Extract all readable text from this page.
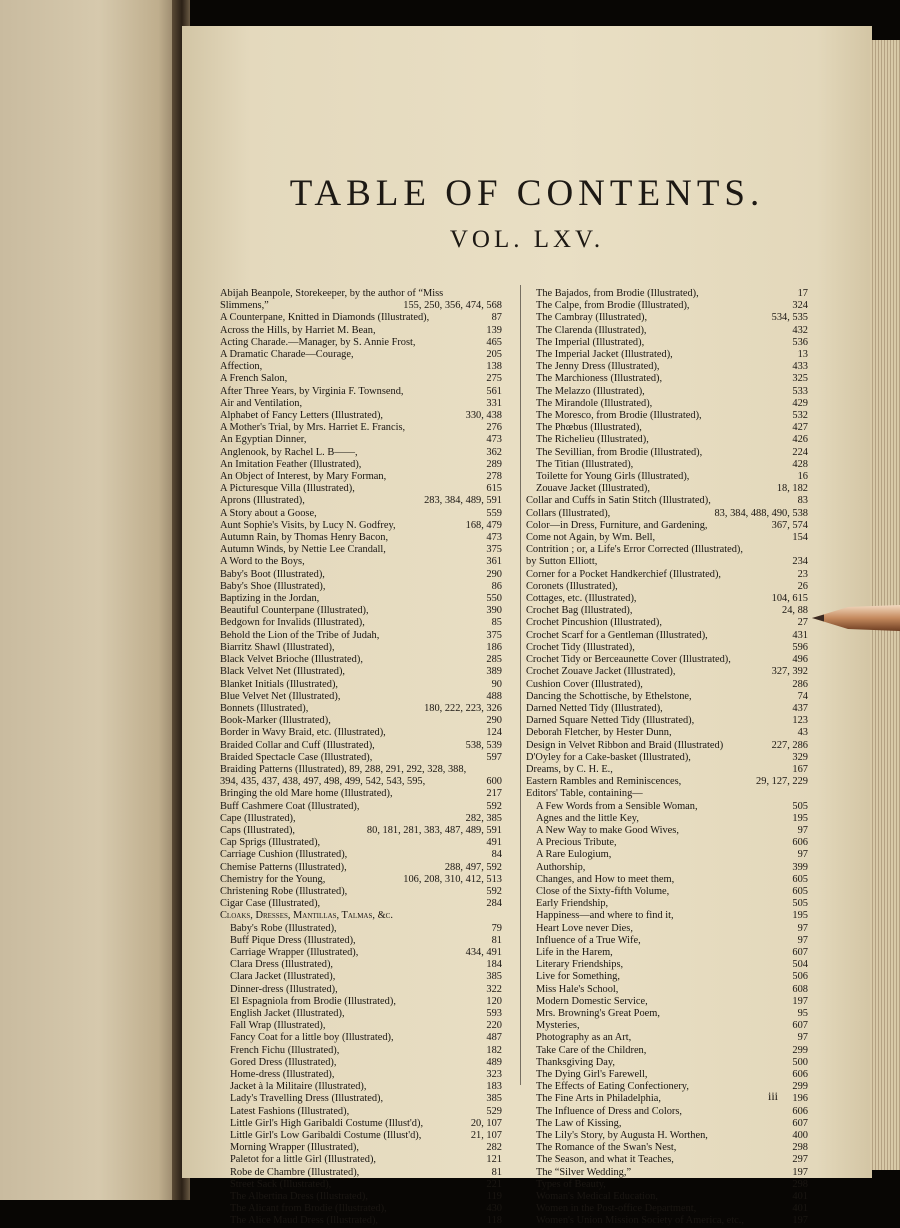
TABLE OF CONTENTS.
VOL. LXV.
Abijah Beanpole, Storekeeper, by the author of “Miss
Slimmens,”	155, 250, 356, 474, 568
A Counterpane, Knitted in Diamonds (Illustrated),	87
Across the Hills, by Harriet M. Bean,	139
Acting Charade.—Manager, by S. Annie Frost,	465
A Dramatic Charade—Courage,	205
Affection,	138
A French Salon,	275
After Three Years, by Virginia F. Townsend,	561
Air and Ventilation,	331
Alphabet of Fancy Letters (Illustrated),	330, 438
A Mother's Trial, by Mrs. Harriet E. Francis,	276
An Egyptian Dinner,	473
Anglenook, by Rachel L. B——,	362
An Imitation Feather (Illustrated),	289
An Object of Interest, by Mary Forman,	278
A Picturesque Villa (Illustrated),	615
Aprons (Illustrated),	283, 384, 489, 591
A Story about a Goose,	559
Aunt Sophie's Visits, by Lucy N. Godfrey,	168, 479
Autumn Rain, by Thomas Henry Bacon,	473
Autumn Winds, by Nettie Lee Crandall,	375
A Word to the Boys,	361
Baby's Boot (Illustrated),	290
Baby's Shoe (Illustrated),	86
Baptizing in the Jordan,	550
Beautiful Counterpane (Illustrated),	390
Bedgown for Invalids (Illustrated),	85
Behold the Lion of the Tribe of Judah,	375
Biarritz Shawl (Illustrated),	186
Black Velvet Brioche (Illustrated),	285
Black Velvet Net (Illustrated),	389
Blanket Initials (Illustrated),	90
Blue Velvet Net (Illustrated),	488
Bonnets (Illustrated),	180, 222, 223, 326
Book-Marker (Illustrated),	290
Border in Wavy Braid, etc. (Illustrated),	124
Braided Collar and Cuff (Illustrated),	538, 539
Braided Spectacle Case (Illustrated),	597
Braiding Patterns (Illustrated), 89, 288, 291, 292, 328, 388,
394, 435, 437, 438, 497, 498, 499, 542, 543, 595,	600
Bringing the old Mare home (Illustrated),	217
Buff Cashmere Coat (Illustrated),	592
Cape (Illustrated),	282, 385
Caps (Illustrated),	80, 181, 281, 383, 487, 489, 591
Cap Sprigs (Illustrated),	491
Carriage Cushion (Illustrated),	84
Chemise Patterns (Illustrated),	288, 497, 592
Chemistry for the Young,	106, 208, 310, 412, 513
Christening Robe (Illustrated),	592
Cigar Case (Illustrated),	284
Cloaks, Dresses, Mantillas, Talmas, &c.
Baby's Robe (Illustrated),	79
Buff Pique Dress (Illustrated),	81
Carriage Wrapper (Illustrated),	434, 491
Clara Dress (Illustrated),	184
Clara Jacket (Illustrated),	385
Dinner-dress (Illustrated),	322
El Espagniola from Brodie (Illustrated),	120
English Jacket (Illustrated),	593
Fall Wrap (Illustrated),	220
Fancy Coat for a little boy (Illustrated),	487
French Fichu (Illustrated),	182
Gored Dress (Illustrated),	489
Home-dress (Illustrated),	323
Jacket à la Militaire (Illustrated),	183
Lady's Travelling Dress (Illustrated),	385
Latest Fashions (Illustrated),	529
Little Girl's High Garibaldi Costume (Illust'd),	20, 107
Little Girl's Low Garibaldi Costume (Illust'd),	21, 107
Morning Wrapper (Illustrated),	282
Paletot for a little Girl (Illustrated),	121
Robe de Chambre (Illustrated),	81
Street Sack (Illustrated),	221
The Albertina Dress (Illustrated),	119
The Alicant from Brodie (Illustrated),	430
The Alice Maud Dress (Illustrated),	118
The Bajados, from Brodie (Illustrated),	17
The Calpe, from Brodie (Illustrated),	324
The Cambray (Illustrated),	534, 535
The Clarenda (Illustrated),	432
The Imperial (Illustrated),	536
The Imperial Jacket (Illustrated),	13
The Jenny Dress (Illustrated),	433
The Marchioness (Illustrated),	325
The Melazzo (Illustrated),	533
The Mirandole (Illustrated),	429
The Moresco, from Brodie (Illustrated),	532
The Phœbus (Illustrated),	427
The Richelieu (Illustrated),	426
The Sevillian, from Brodie (Illustrated),	224
The Titian (Illustrated),	428
Toilette for Young Girls (Illustrated),	16
Zouave Jacket (Illustrated),	18, 182
Collar and Cuffs in Satin Stitch (Illustrated),	83
Collars (Illustrated),	83, 384, 488, 490, 538
Color—in Dress, Furniture, and Gardening,	367, 574
Come not Again, by Wm. Bell,	154
Contrition ; or, a Life's Error Corrected (Illustrated),
by Sutton Elliott,	234
Corner for a Pocket Handkerchief (Illustrated),	23
Coronets (Illustrated),	26
Cottages, etc. (Illustrated),	104, 615
Crochet Bag (Illustrated),	24, 88
Crochet Pincushion (Illustrated),	27
Crochet Scarf for a Gentleman (Illustrated),	431
Crochet Tidy (Illustrated),	596
Crochet Tidy or Berceaunette Cover (Illustrated),	496
Crochet Zouave Jacket (Illustrated),	327, 392
Cushion Cover (Illustrated),	286
Dancing the Schottische, by Ethelstone,	74
Darned Netted Tidy (Illustrated),	437
Darned Square Netted Tidy (Illustrated),	123
Deborah Fletcher, by Hester Dunn,	43
Design in Velvet Ribbon and Braid (Illustrated)	227, 286
D'Oyley for a Cake-basket (Illustrated),	329
Dreams, by C. H. E.,	167
Eastern Rambles and Reminiscences,	29, 127, 229
Editors' Table, containing—
A Few Words from a Sensible Woman,	505
Agnes and the little Key,	195
A New Way to make Good Wives,	97
A Precious Tribute,	606
A Rare Eulogium,	97
Authorship,	399
Changes, and How to meet them,	605
Close of the Sixty-fifth Volume,	605
Early Friendship,	505
Happiness—and where to find it,	195
Heart Love never Dies,	97
Influence of a True Wife,	97
Life in the Harem,	607
Literary Friendships,	504
Live for Something,	506
Miss Hale's School,	608
Modern Domestic Service,	197
Mrs. Browning's Great Poem,	95
Mysteries,	607
Photography as an Art,	97
Take Care of the Children,	299
Thanksgiving Day,	500
The Dying Girl's Farewell,	606
The Effects of Eating Confectionery,	299
The Fine Arts in Philadelphia,	196
The Influence of Dress and Colors,	606
The Law of Kissing,	607
The Lily's Story, by Augusta H. Worthen,	400
The Romance of the Swan's Nest,	298
The Season, and what it Teaches,	297
The “Silver Wedding,”	197
Types of Beauty,	298
Woman's Medical Education,	401
Women in the Post-office Department,	401
Women's Union Mission Society of America, etc.,	197
iii
